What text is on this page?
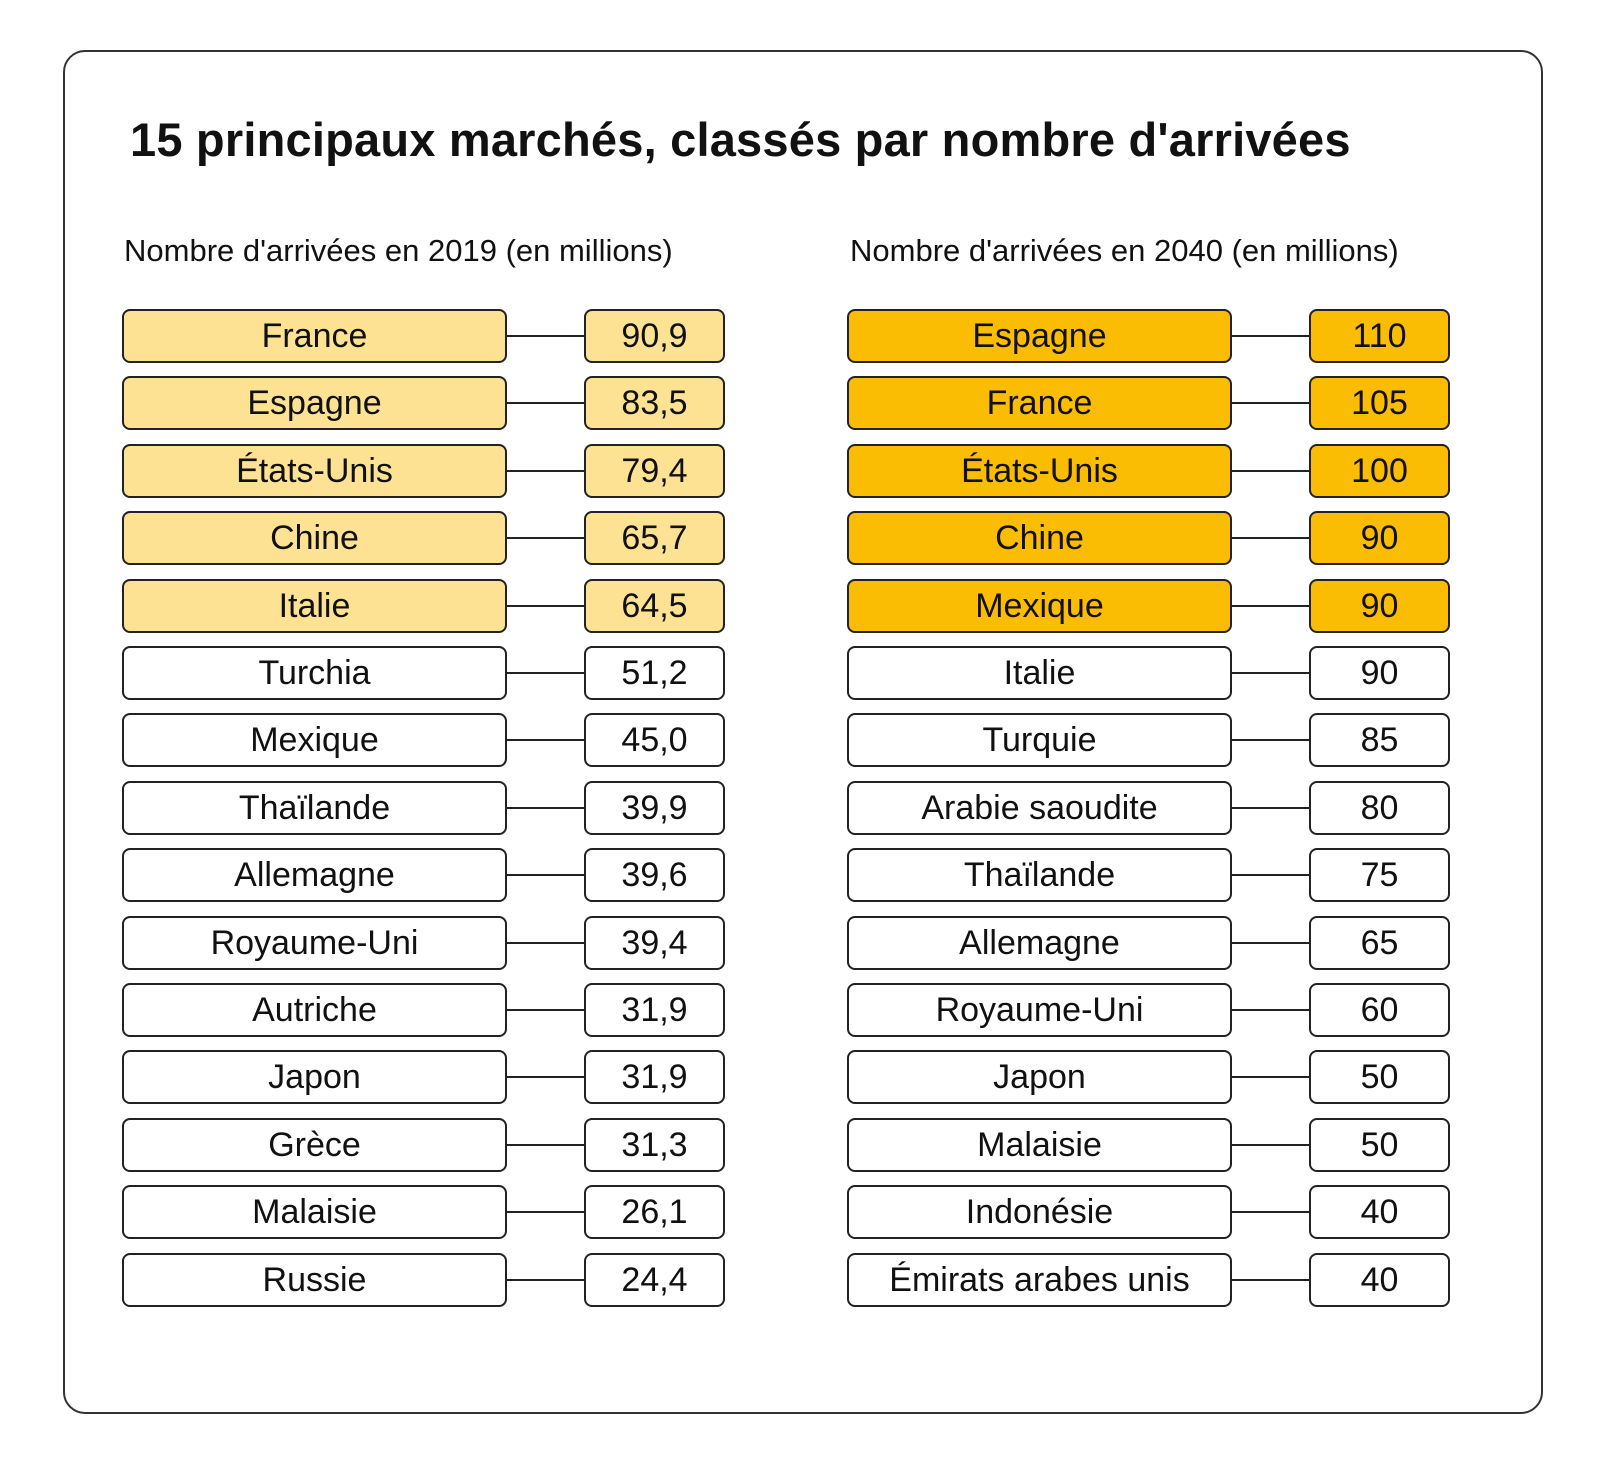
15 principaux marchés, classés par nombre d'arrivées
Nombre d'arrivées en 2019 (en millions)	Nombre d'arrivées en 2040 (en millions)
France	90,9
Espagne	83,5
États-Unis	79,4
Chine	65,7
Italie	64,5
Turchia	51,2
Mexique	45,0
Thaïlande	39,9
Allemagne	39,6
Royaume-Uni	39,4
Autriche	31,9
Japon	31,9
Grèce	31,3
Malaisie	26,1
Russie	24,4
Espagne	110
France	105
États-Unis	100
Chine	90
Mexique	90
Italie	90
Turquie	85
Arabie saoudite	80
Thaïlande	75
Allemagne	65
Royaume-Uni	60
Japon	50
Malaisie	50
Indonésie	40
Émirats arabes unis	40
